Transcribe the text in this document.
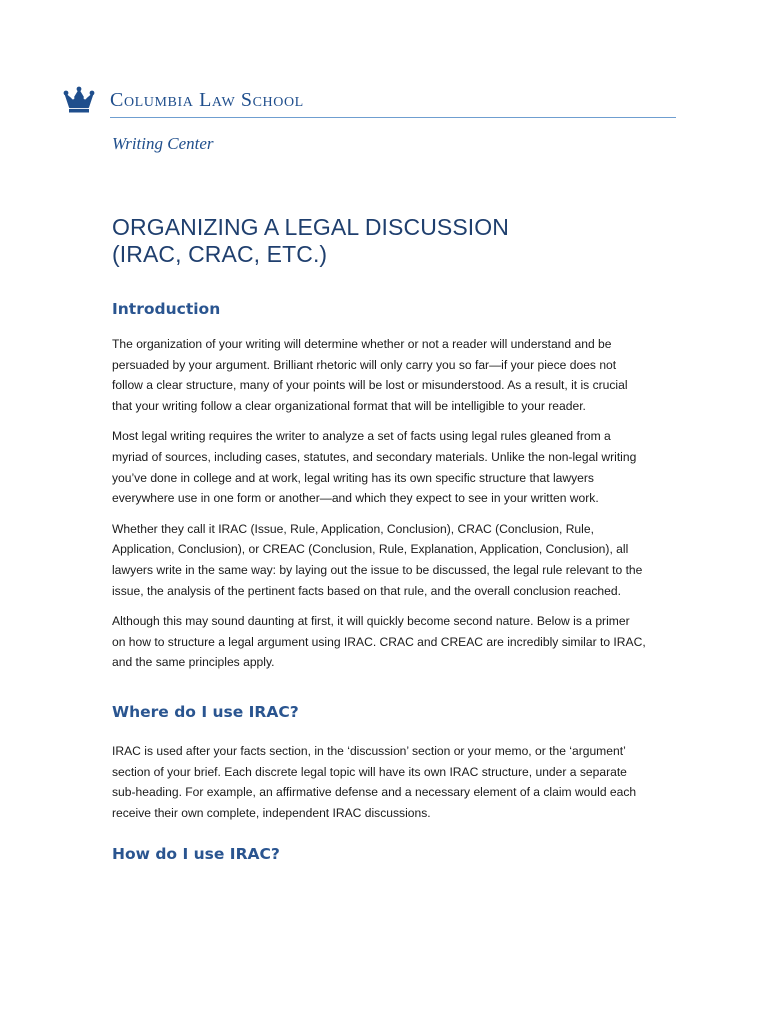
Columbia Law School
Writing Center
ORGANIZING A LEGAL DISCUSSION
(IRAC, CRAC, ETC.)
Introduction

The organization of your writing will determine whether or not a reader will understand and be
persuaded by your argument. Brilliant rhetoric will only carry you so far—if your piece does not
follow a clear structure, many of your points will be lost or misunderstood. As a result, it is crucial
that your writing follow a clear organizational format that will be intelligible to your reader.

Most legal writing requires the writer to analyze a set of facts using legal rules gleaned from a
myriad of sources, including cases, statutes, and secondary materials. Unlike the non-legal writing
you’ve done in college and at work, legal writing has its own specific structure that lawyers
everywhere use in one form or another—and which they expect to see in your written work.

Whether they call it IRAC (Issue, Rule, Application, Conclusion), CRAC (Conclusion, Rule,
Application, Conclusion), or CREAC (Conclusion, Rule, Explanation, Application, Conclusion), all
lawyers write in the same way: by laying out the issue to be discussed, the legal rule relevant to the
issue, the analysis of the pertinent facts based on that rule, and the overall conclusion reached.

Although this may sound daunting at first, it will quickly become second nature. Below is a primer
on how to structure a legal argument using IRAC. CRAC and CREAC are incredibly similar to IRAC,
and the same principles apply.

Where do I use IRAC?

IRAC is used after your facts section, in the ‘discussion’ section or your memo, or the ‘argument’
section of your brief. Each discrete legal topic will have its own IRAC structure, under a separate
sub-heading. For example, an affirmative defense and a necessary element of a claim would each
receive their own complete, independent IRAC discussions.

How do I use IRAC?
